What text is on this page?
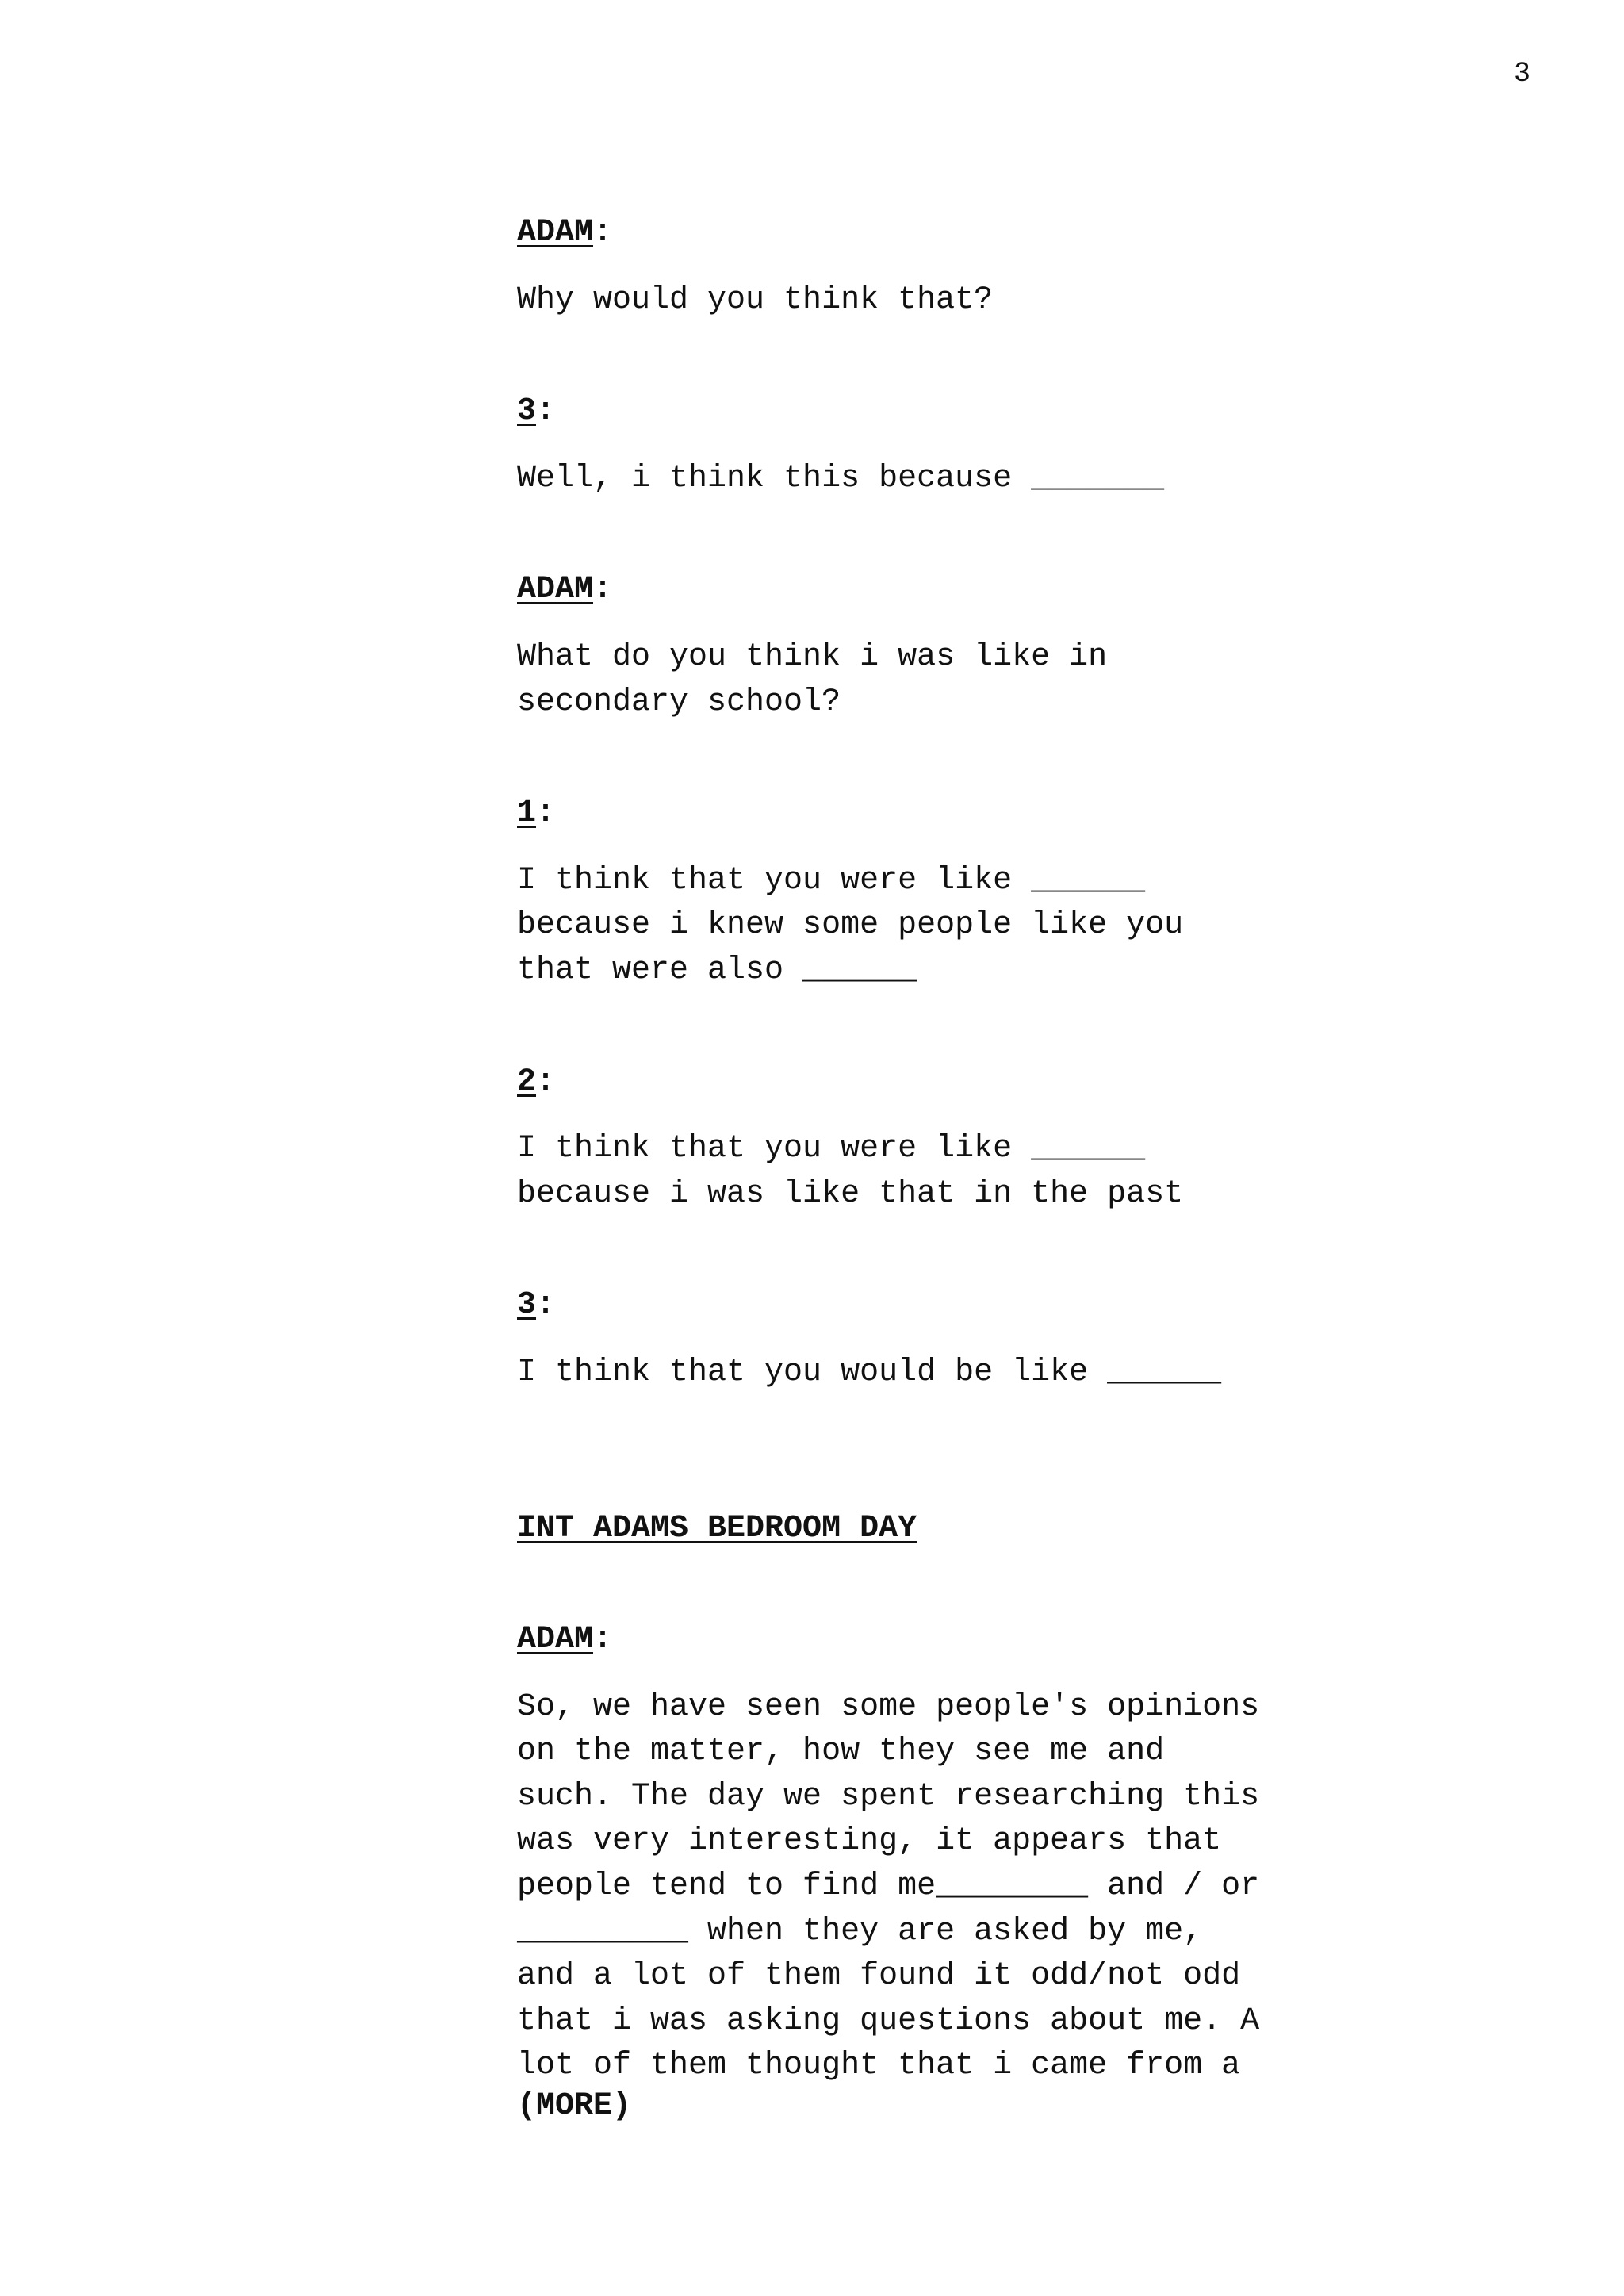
3

ADAM:

Why would you think that?

3:

Well, i think this because _______

ADAM:

What do you think i was like in

secondary school?

1:

I think that you were like ______

because i knew some people like you

that were also ______

2:

I think that you were like ______

because i was like that in the past

3:

I think that you would be like ______

INT ADAMS BEDROOM DAY

ADAM:

So, we have seen some people's opinions

on the matter, how they see me and

such. The day we spent researching this

was very interesting, it appears that

people tend to find me________ and / or

_________ when they are asked by me,

and a lot of them found it odd/not odd

that i was asking questions about me. A

lot of them thought that i came from a

(MORE)
